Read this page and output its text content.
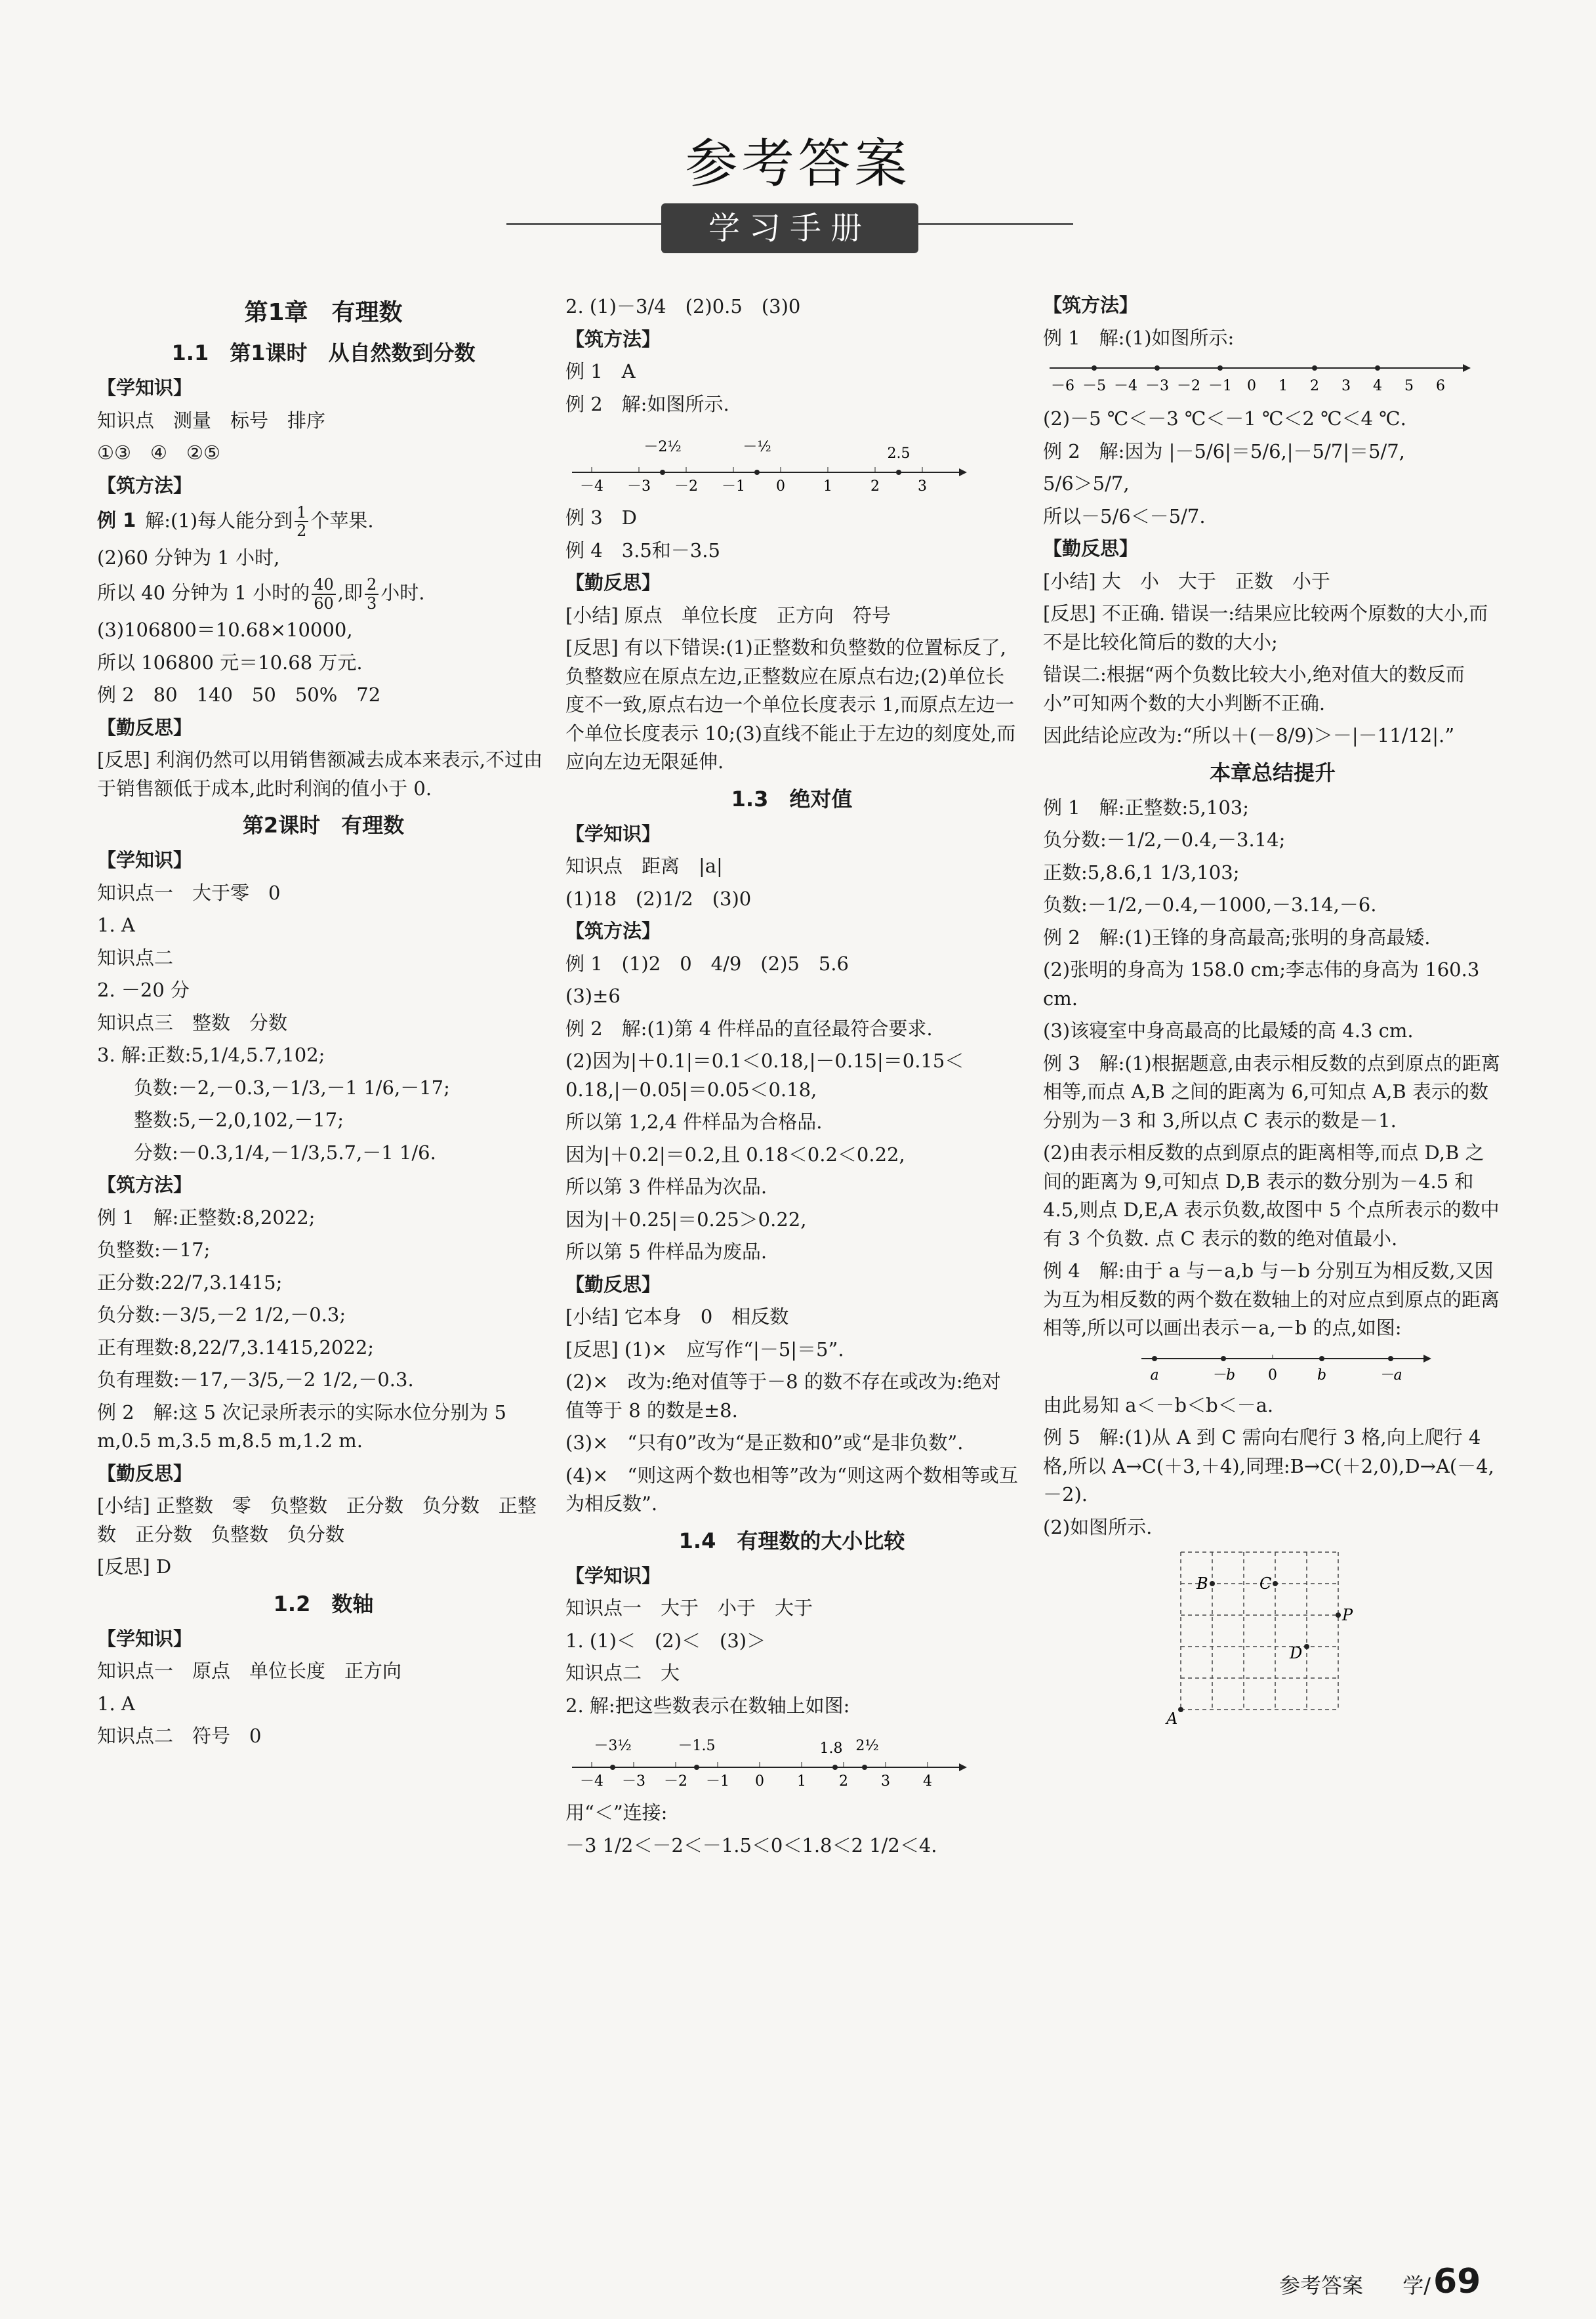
参考答案
学习手册
第1章　有理数
1.1　第1课时　从自然数到分数
【学知识】
知识点　测量　标号　排序
①③　④　②⑤
【筑方法】
例 1 解:(1)每人能分到 $\frac{1}{2}$ 个苹果.
(2)60 分钟为 1 小时,
所以 40 分钟为 1 小时的 $\frac{40}{60}$ ,即 $\frac{2}{3}$ 小时.
(3)106800＝10.68×10000,
所以 106800 元＝10.68 万元.
例 2　80　140　50　50%　72
【勤反思】
[反思] 利润仍然可以用销售额减去成本来表示,不过由于销售额低于成本,此时利润的值小于 0.
第2课时　有理数
【学知识】
知识点一　大于零　0
1. A
知识点二
2. －20 分
知识点三　整数　分数
3. 解:正数:5,1/4,5.7,102;
负数:－2,－0.3,－1/3,－1 1/6,－17;
整数:5,－2,0,102,－17;
分数:－0.3,1/4,－1/3,5.7,－1 1/6.
【筑方法】
例 1　解:正整数:8,2022;
负整数:－17;
正分数:22/7,3.1415;
负分数:－3/5,－2 1/2,－0.3;
正有理数:8,22/7,3.1415,2022;
负有理数:－17,－3/5,－2 1/2,－0.3.
例 2　解:这 5 次记录所表示的实际水位分别为 5 m,0.5 m,3.5 m,8.5 m,1.2 m.
【勤反思】
[小结] 正整数　零　负整数　正分数　负分数　正整数　正分数　负整数　负分数
[反思] D
1.2　数轴
【学知识】
知识点一　原点　单位长度　正方向
1. A
知识点二　符号　0
2. (1)－3/4　(2)0.5　(3)0
【筑方法】
例 1　A
例 2　解:如图所示.
－4 －3 －2 －1 0	1	2	3
－2½	－½	2.5
例 3　D
例 4　3.5和－3.5
【勤反思】
[小结] 原点　单位长度　正方向　符号
[反思] 有以下错误:(1)正整数和负整数的位置标反了,负整数应在原点左边,正整数应在原点右边;(2)单位长度不一致,原点右边一个单位长度表示 1,而原点左边一个单位长度表示 10;(3)直线不能止于左边的刻度处,而应向左边无限延伸.
1.3　绝对值
【学知识】
知识点　距离　|a|
(1)18　(2)1/2　(3)0
【筑方法】
例 1　(1)2　0　4/9　(2)5　5.6
(3)±6
例 2　解:(1)第 4 件样品的直径最符合要求.
(2)因为|＋0.1|＝0.1＜0.18,|－0.15|＝0.15＜0.18,|－0.05|＝0.05＜0.18,
所以第 1,2,4 件样品为合格品.
因为|＋0.2|＝0.2,且 0.18＜0.2＜0.22,
所以第 3 件样品为次品.
因为|＋0.25|＝0.25＞0.22,
所以第 5 件样品为废品.
【勤反思】
[小结] 它本身　0　相反数
[反思] (1)×　应写作“|－5|＝5”.
(2)×　改为:绝对值等于－8 的数不存在或改为:绝对值等于 8 的数是±8.
(3)×　“只有0”改为“是正数和0”或“是非负数”.
(4)×　“则这两个数也相等”改为“则这两个数相等或互为相反数”.
1.4　有理数的大小比较
【学知识】
知识点一　大于　小于　大于
1. (1)＜　(2)＜　(3)＞
知识点二　大
2. 解:把这些数表示在数轴上如图:
－4 －3 －2 －1 0 1 2 3 4
－3½	－1.5	1.8 2½
用“＜”连接:
－3 1/2＜－2＜－1.5＜0＜1.8＜2 1/2＜4.
【筑方法】
例 1　解:(1)如图所示:
－6 －5 －4 －3 －2 －1 0 1 2 3 4 5 6
(2)－5 ℃＜－3 ℃＜－1 ℃＜2 ℃＜4 ℃.
例 2　解:因为 |－5/6|＝5/6,|－5/7|＝5/7,
5/6＞5/7,
所以－5/6＜－5/7.
【勤反思】
[小结] 大　小　大于　正数　小于
[反思] 不正确. 错误一:结果应比较两个原数的大小,而不是比较化简后的数的大小;
错误二:根据“两个负数比较大小,绝对值大的数反而小”可知两个数的大小判断不正确.
因此结论应改为:“所以＋(－8/9)＞－|－11/12|.”
本章总结提升
例 1　解:正整数:5,103;
负分数:－1/2,－0.4,－3.14;
正数:5,8.6,1 1/3,103;
负数:－1/2,－0.4,－1000,－3.14,－6.
例 2　解:(1)王锋的身高最高;张明的身高最矮.
(2)张明的身高为 158.0 cm;李志伟的身高为 160.3 cm.
(3)该寝室中身高最高的比最矮的高 4.3 cm.
例 3　解:(1)根据题意,由表示相反数的点到原点的距离相等,而点 A,B 之间的距离为 6,可知点 A,B 表示的数分别为－3 和 3,所以点 C 表示的数是－1.
(2)由表示相反数的点到原点的距离相等,而点 D,B 之间的距离为 9,可知点 D,B 表示的数分别为－4.5 和 4.5,则点 D,E,A 表示负数,故图中 5 个点所表示的数中有 3 个负数. 点 C 表示的数的绝对值最小.
例 4　解:由于 a 与－a,b 与－b 分别互为相反数,又因为互为相反数的两个数在数轴上的对应点到原点的距离相等,所以可以画出表示－a,－b 的点,如图:
a	－b 0	b	－a
由此易知 a＜－b＜b＜－a.
例 5　解:(1)从 A 到 C 需向右爬行 3 格,向上爬行 4 格,所以 A→C(＋3,＋4),同理:B→C(＋2,0),D→A(－4,－2).
(2)如图所示.
A
B	C
P
D
参考答案 学/69
